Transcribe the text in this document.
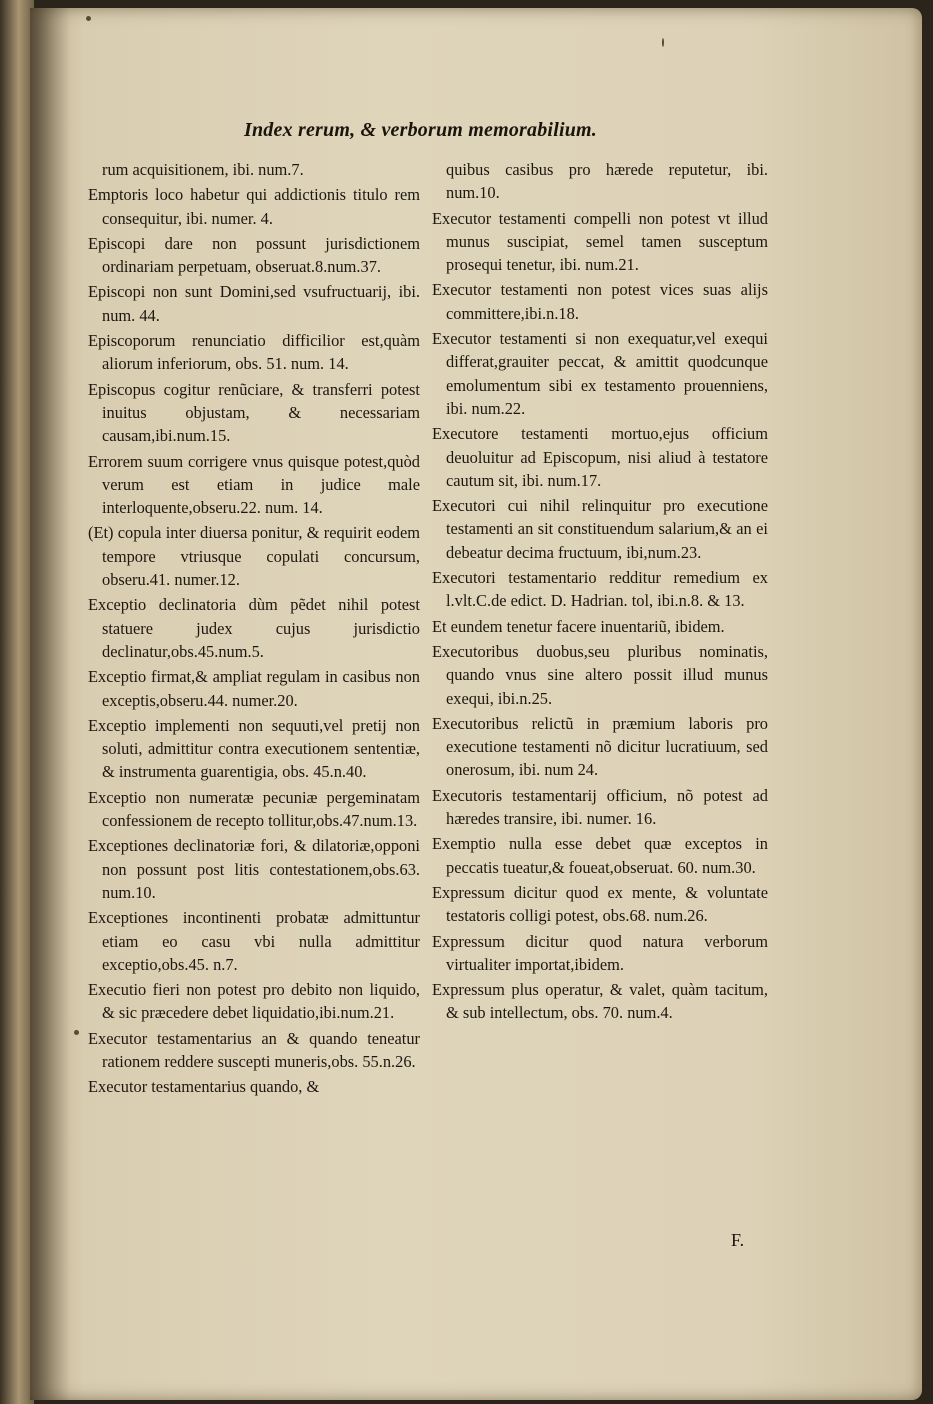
Index rerum, & verborum memorabilium.
rum acquisitionem, ibi. num.7.
Emptoris loco habetur qui addictionis titulo rem consequitur, ibi. numer. 4.
Episcopi dare non possunt jurisdictionem ordinariam perpetuam, obseruat.8.num.37.
Episcopi non sunt Domini,sed vsufructuarij, ibi. num. 44.
Episcoporum renunciatio difficilior est,quàm aliorum inferiorum, obs. 51. num. 14.
Episcopus cogitur renũciare, & transferri potest inuitus objustam, & necessariam causam,ibi.num.15.
Errorem suum corrigere vnus quisque potest,quòd verum est etiam in judice male interloquente,obseru.22. num. 14.
(Et) copula inter diuersa ponitur, & requirit eodem tempore vtriusque copulati concursum, obseru.41. numer.12.
Exceptio declinatoria dùm pẽdet nihil potest statuere judex cujus jurisdictio declinatur,obs.45.num.5.
Exceptio firmat,& ampliat regulam in casibus non exceptis,obseru.44. numer.20.
Exceptio implementi non sequuti,vel pretij non soluti, admittitur contra executionem sententiæ, & instrumenta guarentigia, obs. 45.n.40.
Exceptio non numeratæ pecuniæ pergeminatam confessionem de recepto tollitur,obs.47.num.13.
Exceptiones declinatoriæ fori, & dilatoriæ,opponi non possunt post litis contestationem,obs.63. num.10.
Exceptiones incontinenti probatæ admittuntur etiam eo casu vbi nulla admittitur exceptio,obs.45. n.7.
Executio fieri non potest pro debito non liquido, & sic præcedere debet liquidatio,ibi.num.21.
Executor testamentarius an & quando teneatur rationem reddere suscepti muneris,obs. 55.n.26.
Executor testamentarius quando, &
quibus casibus pro hærede reputetur, ibi. num.10.
Executor testamenti compelli non potest vt illud munus suscipiat, semel tamen susceptum prosequi tenetur, ibi. num.21.
Executor testamenti non potest vices suas alijs committere,ibi.n.18.
Executor testamenti si non exequatur,vel exequi differat,grauiter peccat, & amittit quodcunque emolumentum sibi ex testamento prouenniens, ibi. num.22.
Executore testamenti mortuo,ejus officium deuoluitur ad Episcopum, nisi aliud à testatore cautum sit, ibi. num.17.
Executori cui nihil relinquitur pro executione testamenti an sit constituendum salarium,& an ei debeatur decima fructuum, ibi,num.23.
Executori testamentario redditur remedium ex l.vlt.C.de edict. D. Hadrian. tol, ibi.n.8. & 13.
Et eundem tenetur facere inuentariũ, ibidem.
Executoribus duobus,seu pluribus nominatis, quando vnus sine altero possit illud munus exequi, ibi.n.25.
Executoribus relictũ in præmium laboris pro executione testamenti nõ dicitur lucratiuum, sed onerosum, ibi. num 24.
Executoris testamentarij officium, nõ potest ad hæredes transire, ibi. numer. 16.
Exemptio nulla esse debet quæ exceptos in peccatis tueatur,& foueat,obseruat. 60. num.30.
Expressum dicitur quod ex mente, & voluntate testatoris colligi potest, obs.68. num.26.
Expressum dicitur quod natura verborum virtualiter importat,ibidem.
Expressum plus operatur, & valet, quàm tacitum, & sub intellectum, obs. 70. num.4.
F.
